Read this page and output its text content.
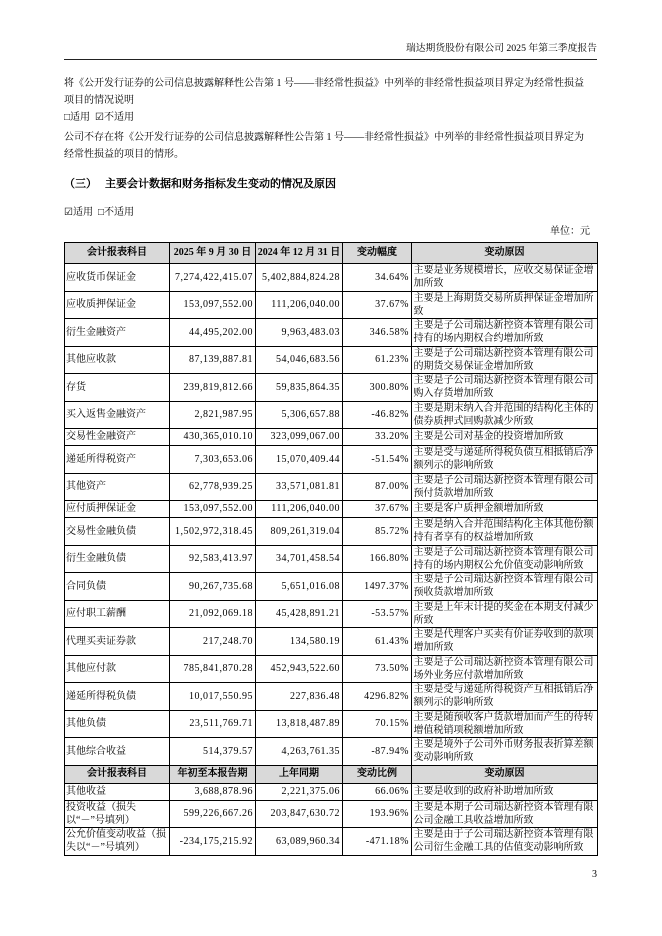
瑞达期货股份有限公司 2025 年第三季度报告

将《公开发行证券的公司信息披露解释性公告第 1 号——非经常性损益》中列举的非经常性损益项目界定为经常性损益项目的情况说明

□适用 ☑不适用

公司不存在将《公开发行证券的公司信息披露解释性公告第 1 号——非经常性损益》中列举的非经常性损益项目界定为经常性损益的项目的情形。

（三） 主要会计数据和财务指标发生变动的情况及原因
☑适用 □不适用
单位：元
会计报表科目	2025 年 9 月 30 日	2024 年 12 月 31 日	变动幅度	变动原因
应收货币保证金	7,274,422,415.07	5,402,884,824.28	34.64%	主要是业务规模增长，应收交易保证金增加所致
应收质押保证金	153,097,552.00	111,206,040.00	37.67%	主要是上海期货交易所质押保证金增加所致
衍生金融资产	44,495,202.00	9,963,483.03	346.58%	主要是子公司瑞达新控资本管理有限公司持有的场内期权合约增加所致
其他应收款	87,139,887.81	54,046,683.56	61.23%	主要是子公司瑞达新控资本管理有限公司的期货交易保证金增加所致
存货	239,819,812.66	59,835,864.35	300.80%	主要是子公司瑞达新控资本管理有限公司购入存货增加所致
买入返售金融资产	2,821,987.95	5,306,657.88	-46.82%	主要是期末纳入合并范围的结构化主体的债券质押式回购款减少所致
交易性金融资产	430,365,010.10	323,099,067.00	33.20%	主要是公司对基金的投资增加所致
递延所得税资产	7,303,653.06	15,070,409.44	-51.54%	主要是受与递延所得税负债互相抵销后净额列示的影响所致
其他资产	62,778,939.25	33,571,081.81	87.00%	主要是子公司瑞达新控资本管理有限公司预付货款增加所致
应付质押保证金	153,097,552.00	111,206,040.00	37.67%	主要是客户质押金额增加所致
交易性金融负债	1,502,972,318.45	809,261,319.04	85.72%	主要是纳入合并范围结构化主体其他份额持有者享有的权益增加所致
衍生金融负债	92,583,413.97	34,701,458.54	166.80%	主要是子公司瑞达新控资本管理有限公司持有的场内期权公允价值变动影响所致
合同负债	90,267,735.68	5,651,016.08	1497.37%	主要是子公司瑞达新控资本管理有限公司预收货款增加所致
应付职工薪酬	21,092,069.18	45,428,891.21	-53.57%	主要是上年末计提的奖金在本期支付减少所致
代理买卖证券款	217,248.70	134,580.19	61.43%	主要是代理客户买卖有价证券收到的款项增加所致
其他应付款	785,841,870.28	452,943,522.60	73.50%	主要是子公司瑞达新控资本管理有限公司场外业务应付款增加所致
递延所得税负债	10,017,550.95	227,836.48	4296.82%	主要是受与递延所得税资产互相抵销后净额列示的影响所致
其他负债	23,511,769.71	13,818,487.89	70.15%	主要是随预收客户货款增加而产生的待转增值税销项税额增加所致
其他综合收益	514,379.57	4,263,761.35	-87.94%	主要是境外子公司外币财务报表折算差额变动影响所致
会计报表科目	年初至本报告期	上年同期	变动比例	变动原因
其他收益	3,688,878.96	2,221,375.06	66.06%	主要是收到的政府补助增加所致
投资收益（损失以“－”号填列）	599,226,667.26	203,847,630.72	193.96%	主要是本期子公司瑞达新控资本管理有限公司金融工具收益增加所致
公允价值变动收益（损失以“－”号填列）	-234,175,215.92	63,089,960.34	-471.18%	主要是由于子公司瑞达新控资本管理有限公司衍生金融工具的估值变动影响所致
3
